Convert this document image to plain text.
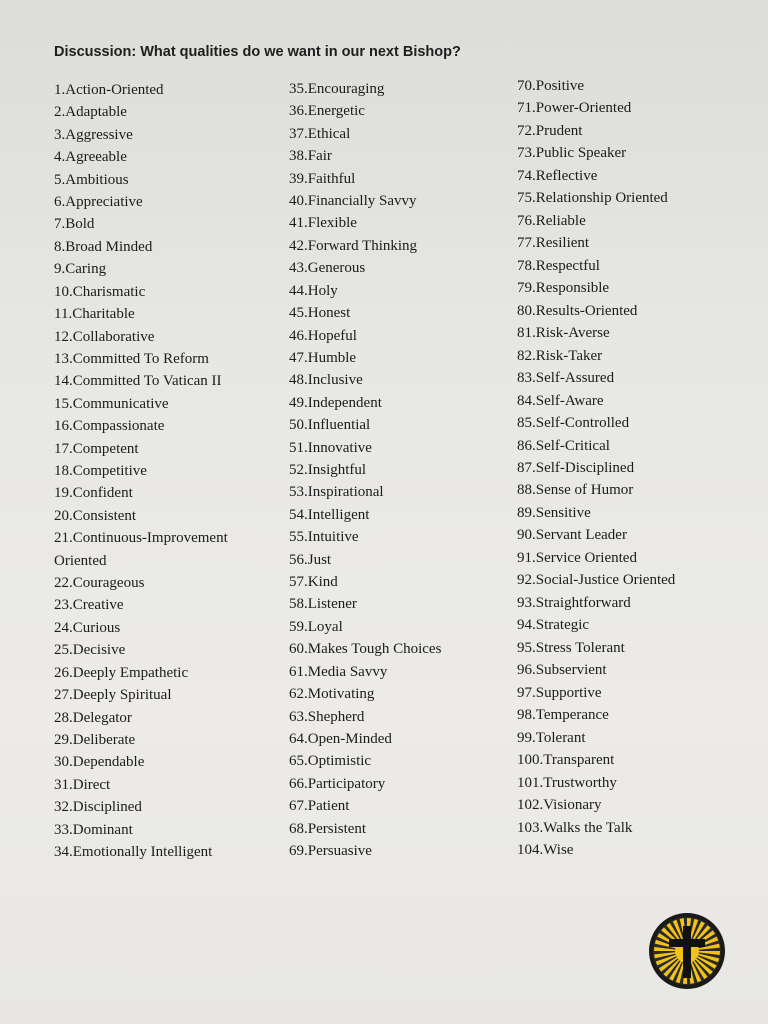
Discussion: What qualities do we want in our next Bishop?
1.Action-Oriented
2.Adaptable
3.Aggressive
4.Agreeable
5.Ambitious
6.Appreciative
7.Bold
8.Broad Minded
9.Caring
10.Charismatic
11.Charitable
12.Collaborative
13.Committed To Reform
14.Committed To Vatican II
15.Communicative
16.Compassionate
17.Competent
18.Competitive
19.Confident
20.Consistent
21.Continuous-Improvement
Oriented
22.Courageous
23.Creative
24.Curious
25.Decisive
26.Deeply Empathetic
27.Deeply Spiritual
28.Delegator
29.Deliberate
30.Dependable
31.Direct
32.Disciplined
33.Dominant
34.Emotionally Intelligent
35.Encouraging
36.Energetic
37.Ethical
38.Fair
39.Faithful
40.Financially Savvy
41.Flexible
42.Forward Thinking
43.Generous
44.Holy
45.Honest
46.Hopeful
47.Humble
48.Inclusive
49.Independent
50.Influential
51.Innovative
52.Insightful
53.Inspirational
54.Intelligent
55.Intuitive
56.Just
57.Kind
58.Listener
59.Loyal
60.Makes Tough Choices
61.Media Savvy
62.Motivating
63.Shepherd
64.Open-Minded
65.Optimistic
66.Participatory
67.Patient
68.Persistent
69.Persuasive
70.Positive
71.Power-Oriented
72.Prudent
73.Public Speaker
74.Reflective
75.Relationship Oriented
76.Reliable
77.Resilient
78.Respectful
79.Responsible
80.Results-Oriented
81.Risk-Averse
82.Risk-Taker
83.Self-Assured
84.Self-Aware
85.Self-Controlled
86.Self-Critical
87.Self-Disciplined
88.Sense of Humor
89.Sensitive
90.Servant Leader
91.Service Oriented
92.Social-Justice Oriented
93.Straightforward
94.Strategic
95.Stress Tolerant
96.Subservient
97.Supportive
98.Temperance
99.Tolerant
100.Transparent
101.Trustworthy
102.Visionary
103.Walks the Talk
104.Wise
